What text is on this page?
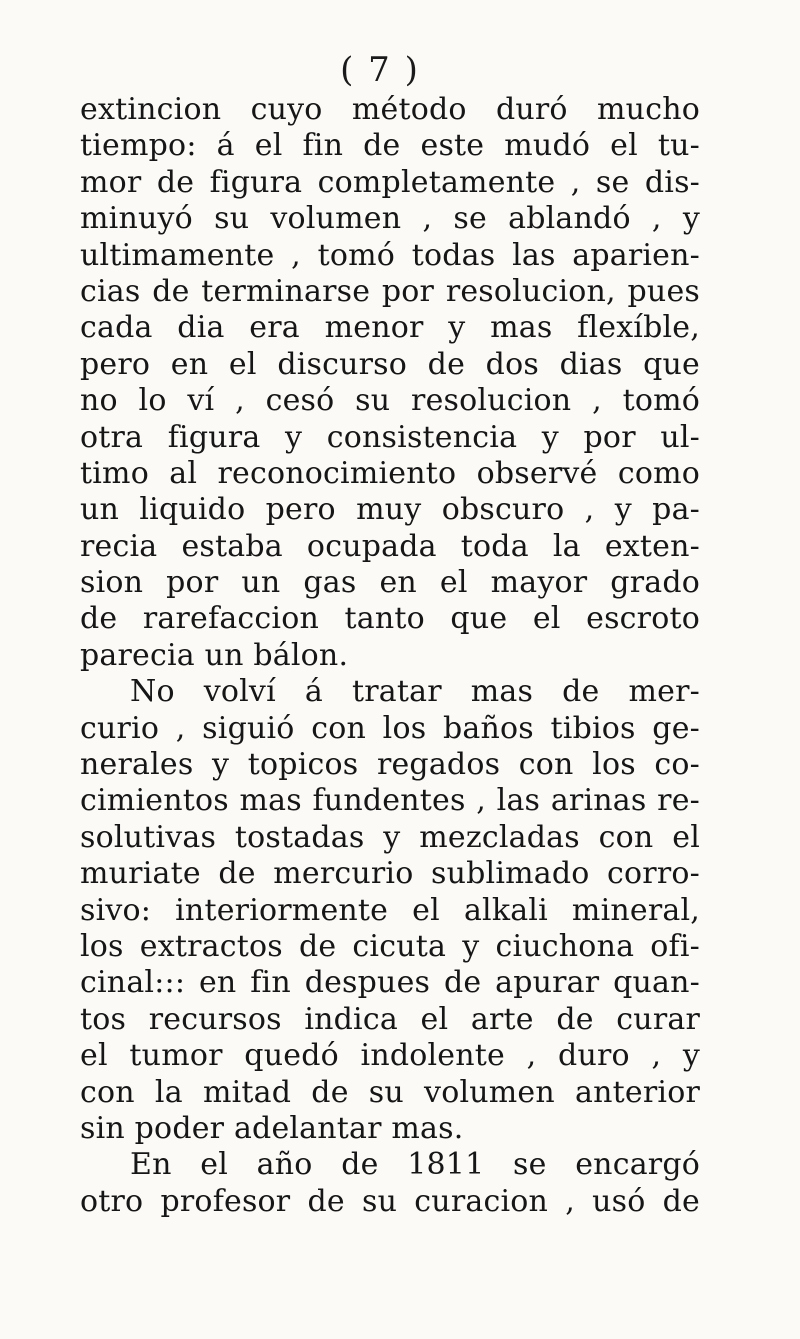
( 7 )
extincion cuyo método duró mucho
tiempo: á el fin de este mudó el tu-
mor de figura completamente , se dis-
minuyó su volumen , se ablandó , y
ultimamente , tomó todas las aparien-
cias de terminarse por resolucion, pues
cada dia era menor y mas flexíble,
pero en el discurso de dos dias que
no lo ví , cesó su resolucion , tomó
otra figura y consistencia y por ul-
timo al reconocimiento observé como
un liquido pero muy obscuro , y pa-
recia estaba ocupada toda la exten-
sion por un gas en el mayor grado
de rarefaccion tanto que el escroto
parecia un bálon.
No volví á tratar mas de mer-
curio , siguió con los baños tibios ge-
nerales y topicos regados con los co-
cimientos mas fundentes , las arinas re-
solutivas tostadas y mezcladas con el
muriate de mercurio sublimado corro-
sivo: interiormente el alkali mineral,
los extractos de cicuta y ciuchona ofi-
cinal::: en fin despues de apurar quan-
tos recursos indica el arte de curar
el tumor quedó indolente , duro , y
con la mitad de su volumen anterior
sin poder adelantar mas.
En el año de 1811 se encargó
otro profesor de su curacion , usó de
